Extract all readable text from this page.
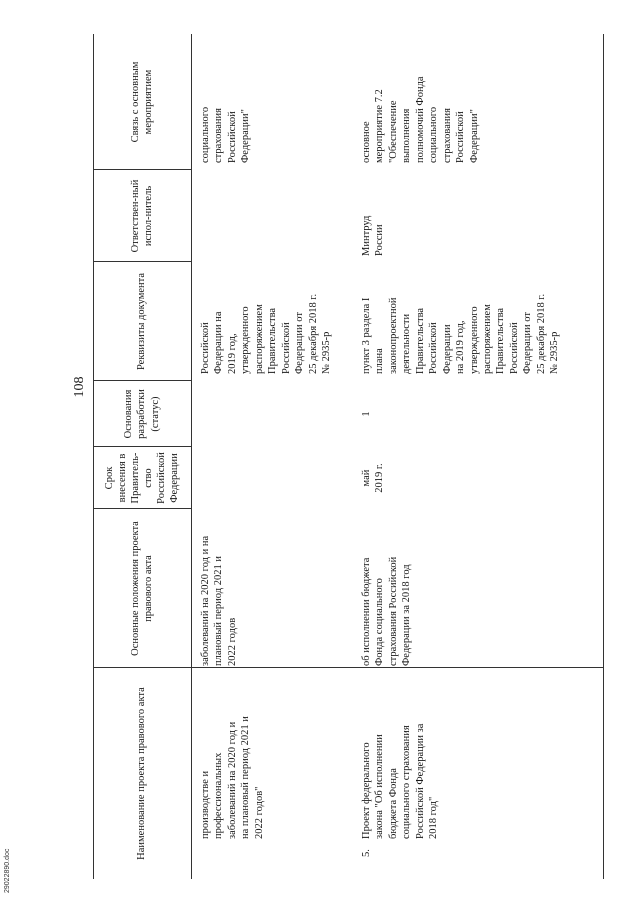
108
Наименование проекта правового акта
Основные положения проекта правового акта
Срок внесения в Правитель-ство Российской Федерации
Основания разработки (статус)
Реквизиты документа
Ответствен-ный испол-нитель
Связь с основным мероприятием
производстве и
профессиональных
заболеваний на 2020 год и
на плановый период 2021 и
2022 годов"
заболеваний на 2020 год и на
плановый период 2021 и
2022 годов
Российской
Федерации на
2019 год,
утвержденного
распоряжением
Правительства
Российской
Федерации от
25 декабря 2018 г.
№ 2935-р
социального
страхования
Российской
Федерации"
5.
Проект федерального
закона "Об исполнении
бюджета Фонда
социального страхования
Российской Федерации за
2018 год"
об исполнении бюджета
Фонда социального
страхования Российской
Федерации за 2018 год
май
2019 г.
1
пункт 3 раздела I
плана
законопроектной
деятельности
Правительства
Российской
Федерации
на 2019 год,
утвержденного
распоряжением
Правительства
Российской
Федерации от
25 декабря 2018 г.
№ 2935-р
Минтруд
России
основное
мероприятие 7.2
"Обеспечение
выполнения
полномочий Фонда
социального
страхования
Российской
Федерации"
29022890.doc
